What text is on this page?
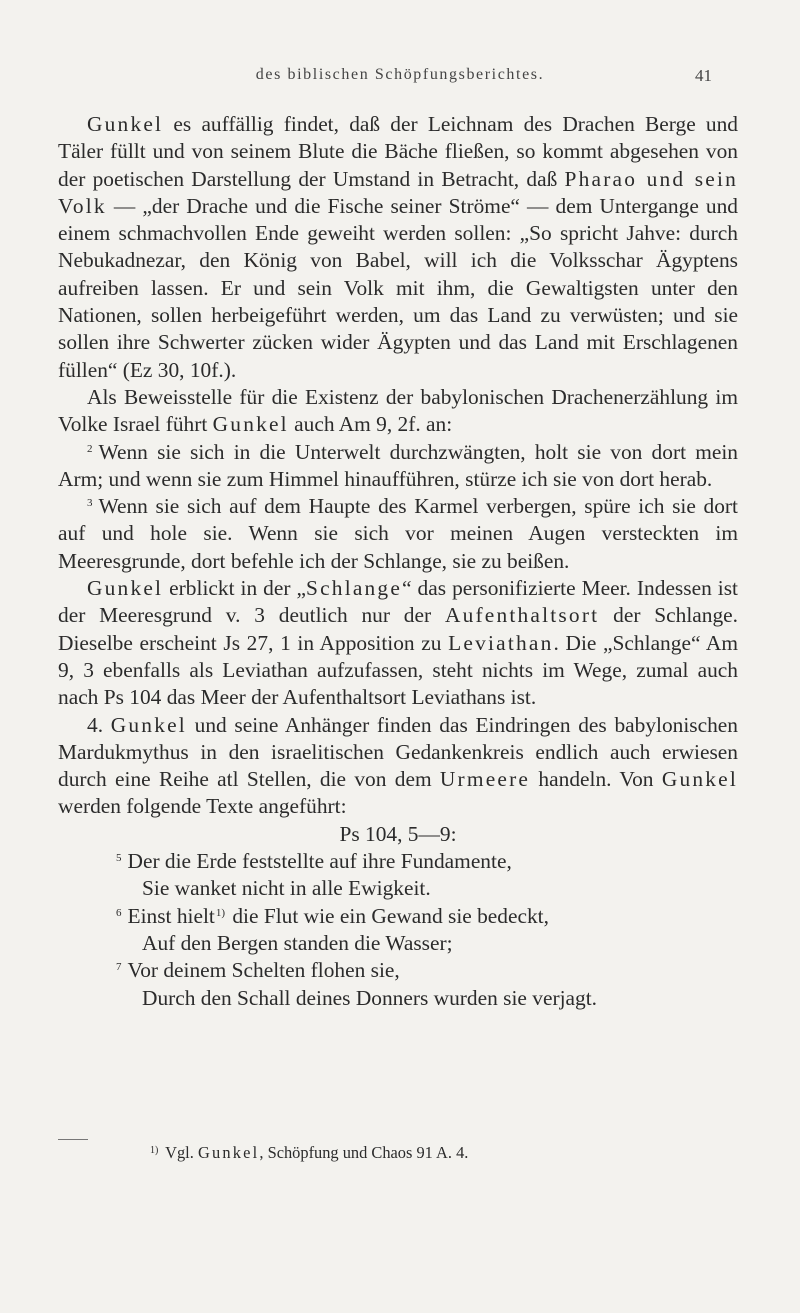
des biblischen Schöpfungsberichtes.	41

Gunkel es auffällig findet, daß der Leichnam des Drachen Berge und Täler füllt und von seinem Blute die Bäche fließen, so kommt abgesehen von der poetischen Darstellung der Umstand in Betracht, daß Pharao und sein Volk — „der Drache und die Fische seiner Ströme“ — dem Untergange und einem schmachvollen Ende geweiht werden sollen: „So spricht Jahve: durch Nebukadnezar, den König von Babel, will ich die Volksschar Ägyptens aufreiben lassen. Er und sein Volk mit ihm, die Gewaltigsten unter den Nationen, sollen herbeigeführt werden, um das Land zu verwüsten; und sie sollen ihre Schwerter zücken wider Ägypten und das Land mit Erschlagenen füllen“ (Ez 30, 10f.).

Als Beweisstelle für die Existenz der babylonischen Drachenerzählung im Volke Israel führt Gunkel auch Am 9, 2f. an:

$^2$ Wenn sie sich in die Unterwelt durchzwängten, holt sie von dort mein Arm; und wenn sie zum Himmel hinaufführen, stürze ich sie von dort herab.

$^3$ Wenn sie sich auf dem Haupte des Karmel verbergen, spüre ich sie dort auf und hole sie. Wenn sie sich vor meinen Augen versteckten im Meeresgrunde, dort befehle ich der Schlange, sie zu beißen.

Gunkel erblickt in der „Schlange“ das personifizierte Meer. Indessen ist der Meeresgrund v. 3 deutlich nur der Aufenthaltsort der Schlange. Dieselbe erscheint Js 27, 1 in Apposition zu Leviathan. Die „Schlange“ Am 9, 3 ebenfalls als Leviathan aufzufassen, steht nichts im Wege, zumal auch nach Ps 104 das Meer der Aufenthaltsort Leviathans ist.

4. Gunkel und seine Anhänger finden das Eindringen des babylonischen Mardukmythus in den israelitischen Gedankenkreis endlich auch erwiesen durch eine Reihe atl Stellen, die von dem Urmeere handeln. Von Gunkel werden folgende Texte angeführt:

Ps 104, 5—9:

$^5$ Der die Erde feststellte auf ihre Fundamente,

Sie wanket nicht in alle Ewigkeit.

$^6$ Einst hielt$^{1)}$ die Flut wie ein Gewand sie bedeckt,

Auf den Bergen standen die Wasser;

$^7$ Vor deinem Schelten flohen sie,

Durch den Schall deines Donners wurden sie verjagt.

$^{1)}$ Vgl. Gunkel, Schöpfung und Chaos 91 A. 4.
